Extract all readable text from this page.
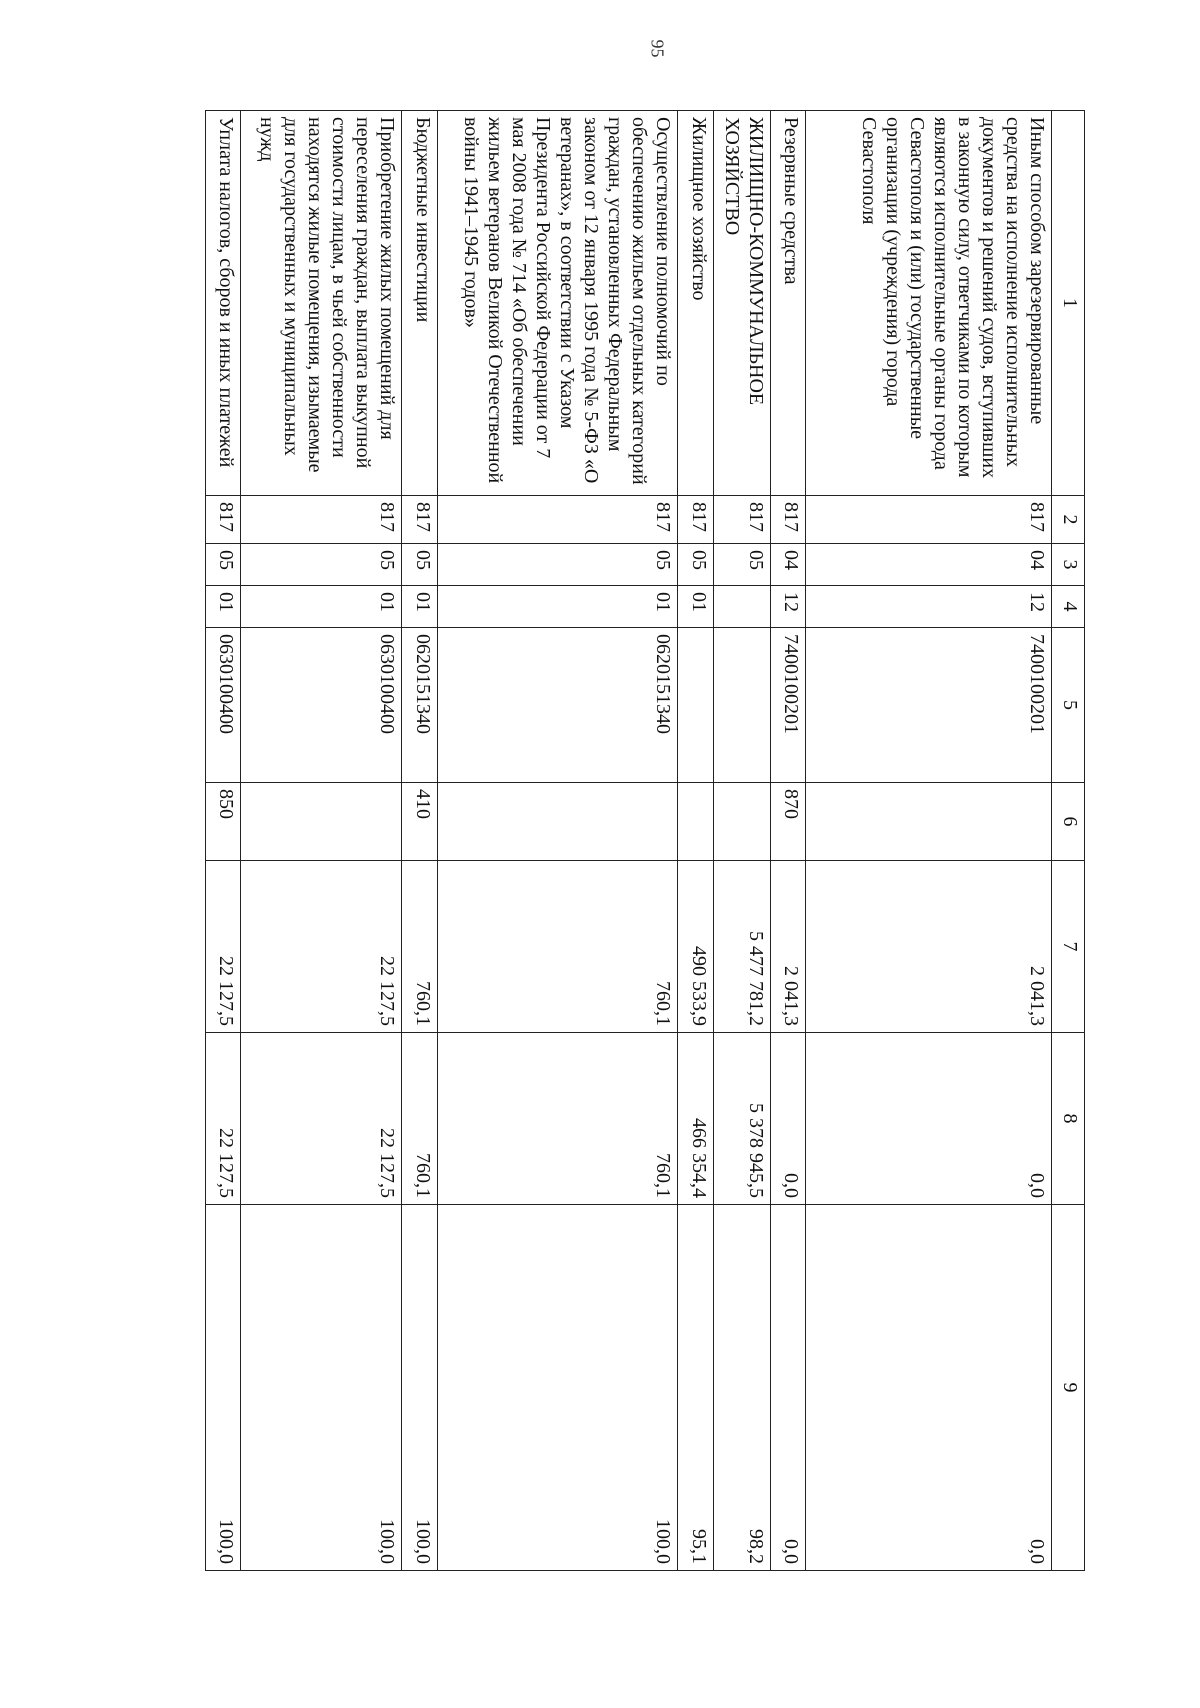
95
1	2	3	4	5	6	7	8	9
Иным способом зарезервированные средства на исполнение исполнительных документов и решений судов, вступивших в законную силу, ответчиками по которым являются исполнительные органы города Севастополя и (или) государственные организации (учреждения) города Севастополя	817	04	12	7400100201		2 041,3	0,0	0,0
Резервные средства	817	04	12	7400100201	870	2 041,3	0,0	0,0
ЖИЛИЩНО-КОММУНАЛЬНОЕ ХОЗЯЙСТВО	817	05				5 477 781,2	5 378 945,5	98,2
Жилищное хозяйство	817	05	01			490 533,9	466 354,4	95,1
Осуществление полномочий по обеспечению жильем отдельных категорий граждан, установленных Федеральным законом от 12 января 1995 года № 5-ФЗ «О ветеранах», в соответствии с Указом Президента Российской Федерации от 7 мая 2008 года № 714 «Об обеспечении жильем ветеранов Великой Отечественной войны 1941–1945 годов»	817	05	01	0620151340		760,1	760,1	100,0
Бюджетные инвестиции	817	05	01	0620151340	410	760,1	760,1	100,0
Приобретение жилых помещений для переселения граждан, выплата выкупной стоимости лицам, в чьей собственности находятся жилые помещения, изымаемые для государственных и муниципальных нужд	817	05	01	0630100400		22 127,5	22 127,5	100,0
Уплата налогов, сборов и иных платежей	817	05	01	0630100400	850	22 127,5	22 127,5	100,0
